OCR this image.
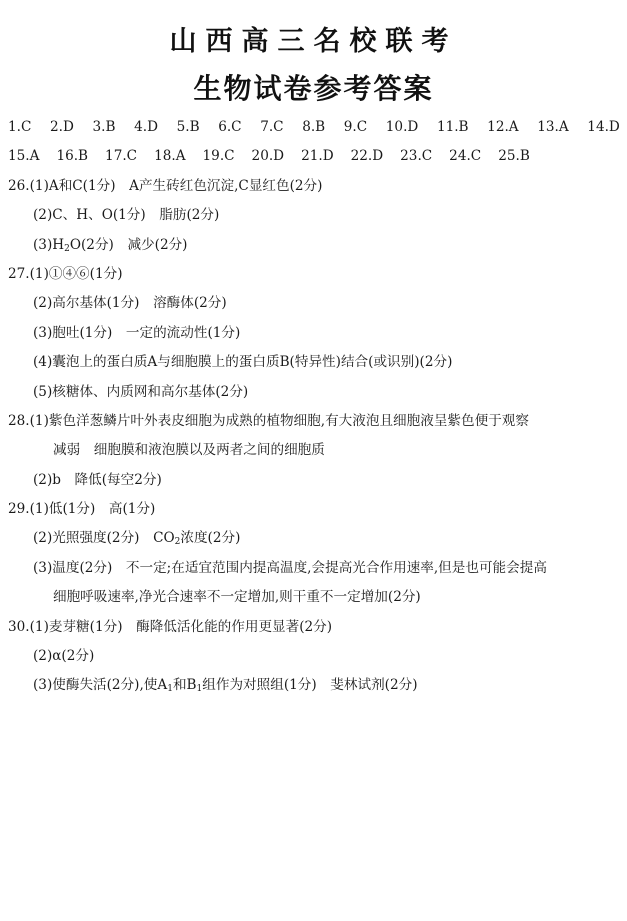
山西高三名校联考
生物试卷参考答案
1.C 2.D 3.B 4.D 5.B 6.C 7.C 8.B 9.C 10.D 11.B 12.A 13.A 14.D
15.A 16.B 17.C 18.A 19.C 20.D 21.D 22.D 23.C 24.C 25.B
26.(1)A和C(1分)　A产生砖红色沉淀,C显红色(2分)
(2)C、H、O(1分)　脂肪(2分)
$(3)H_2O(2$分)　减少(2分)
27.(1)①④⑥(1分)
(2)高尔基体(1分)　溶酶体(2分)
(3)胞吐(1分)　一定的流动性(1分)
(4)囊泡上的蛋白质A与细胞膜上的蛋白质B(特异性)结合(或识别)(2分)
(5)核糖体、内质网和高尔基体(2分)
28.(1)紫色洋葱鳞片叶外表皮细胞为成熟的植物细胞,有大液泡且细胞液呈紫色便于观察
减弱　细胞膜和液泡膜以及两者之间的细胞质
(2)b　降低(每空2分)
29.(1)低(1分)　高(1分)
(2)光照强度(2分)　$CO_2$浓度(2分)
(3)温度(2分)　不一定;在适宜范围内提高温度,会提高光合作用速率,但是也可能会提高
细胞呼吸速率,净光合速率不一定增加,则干重不一定增加(2分)
30.(1)麦芽糖(1分)　酶降低活化能的作用更显著(2分)
(2)α(2分)
(3)使酶失活(2分),使$A_1$和$B_1$组作为对照组(1分)　斐林试剂(2分)
